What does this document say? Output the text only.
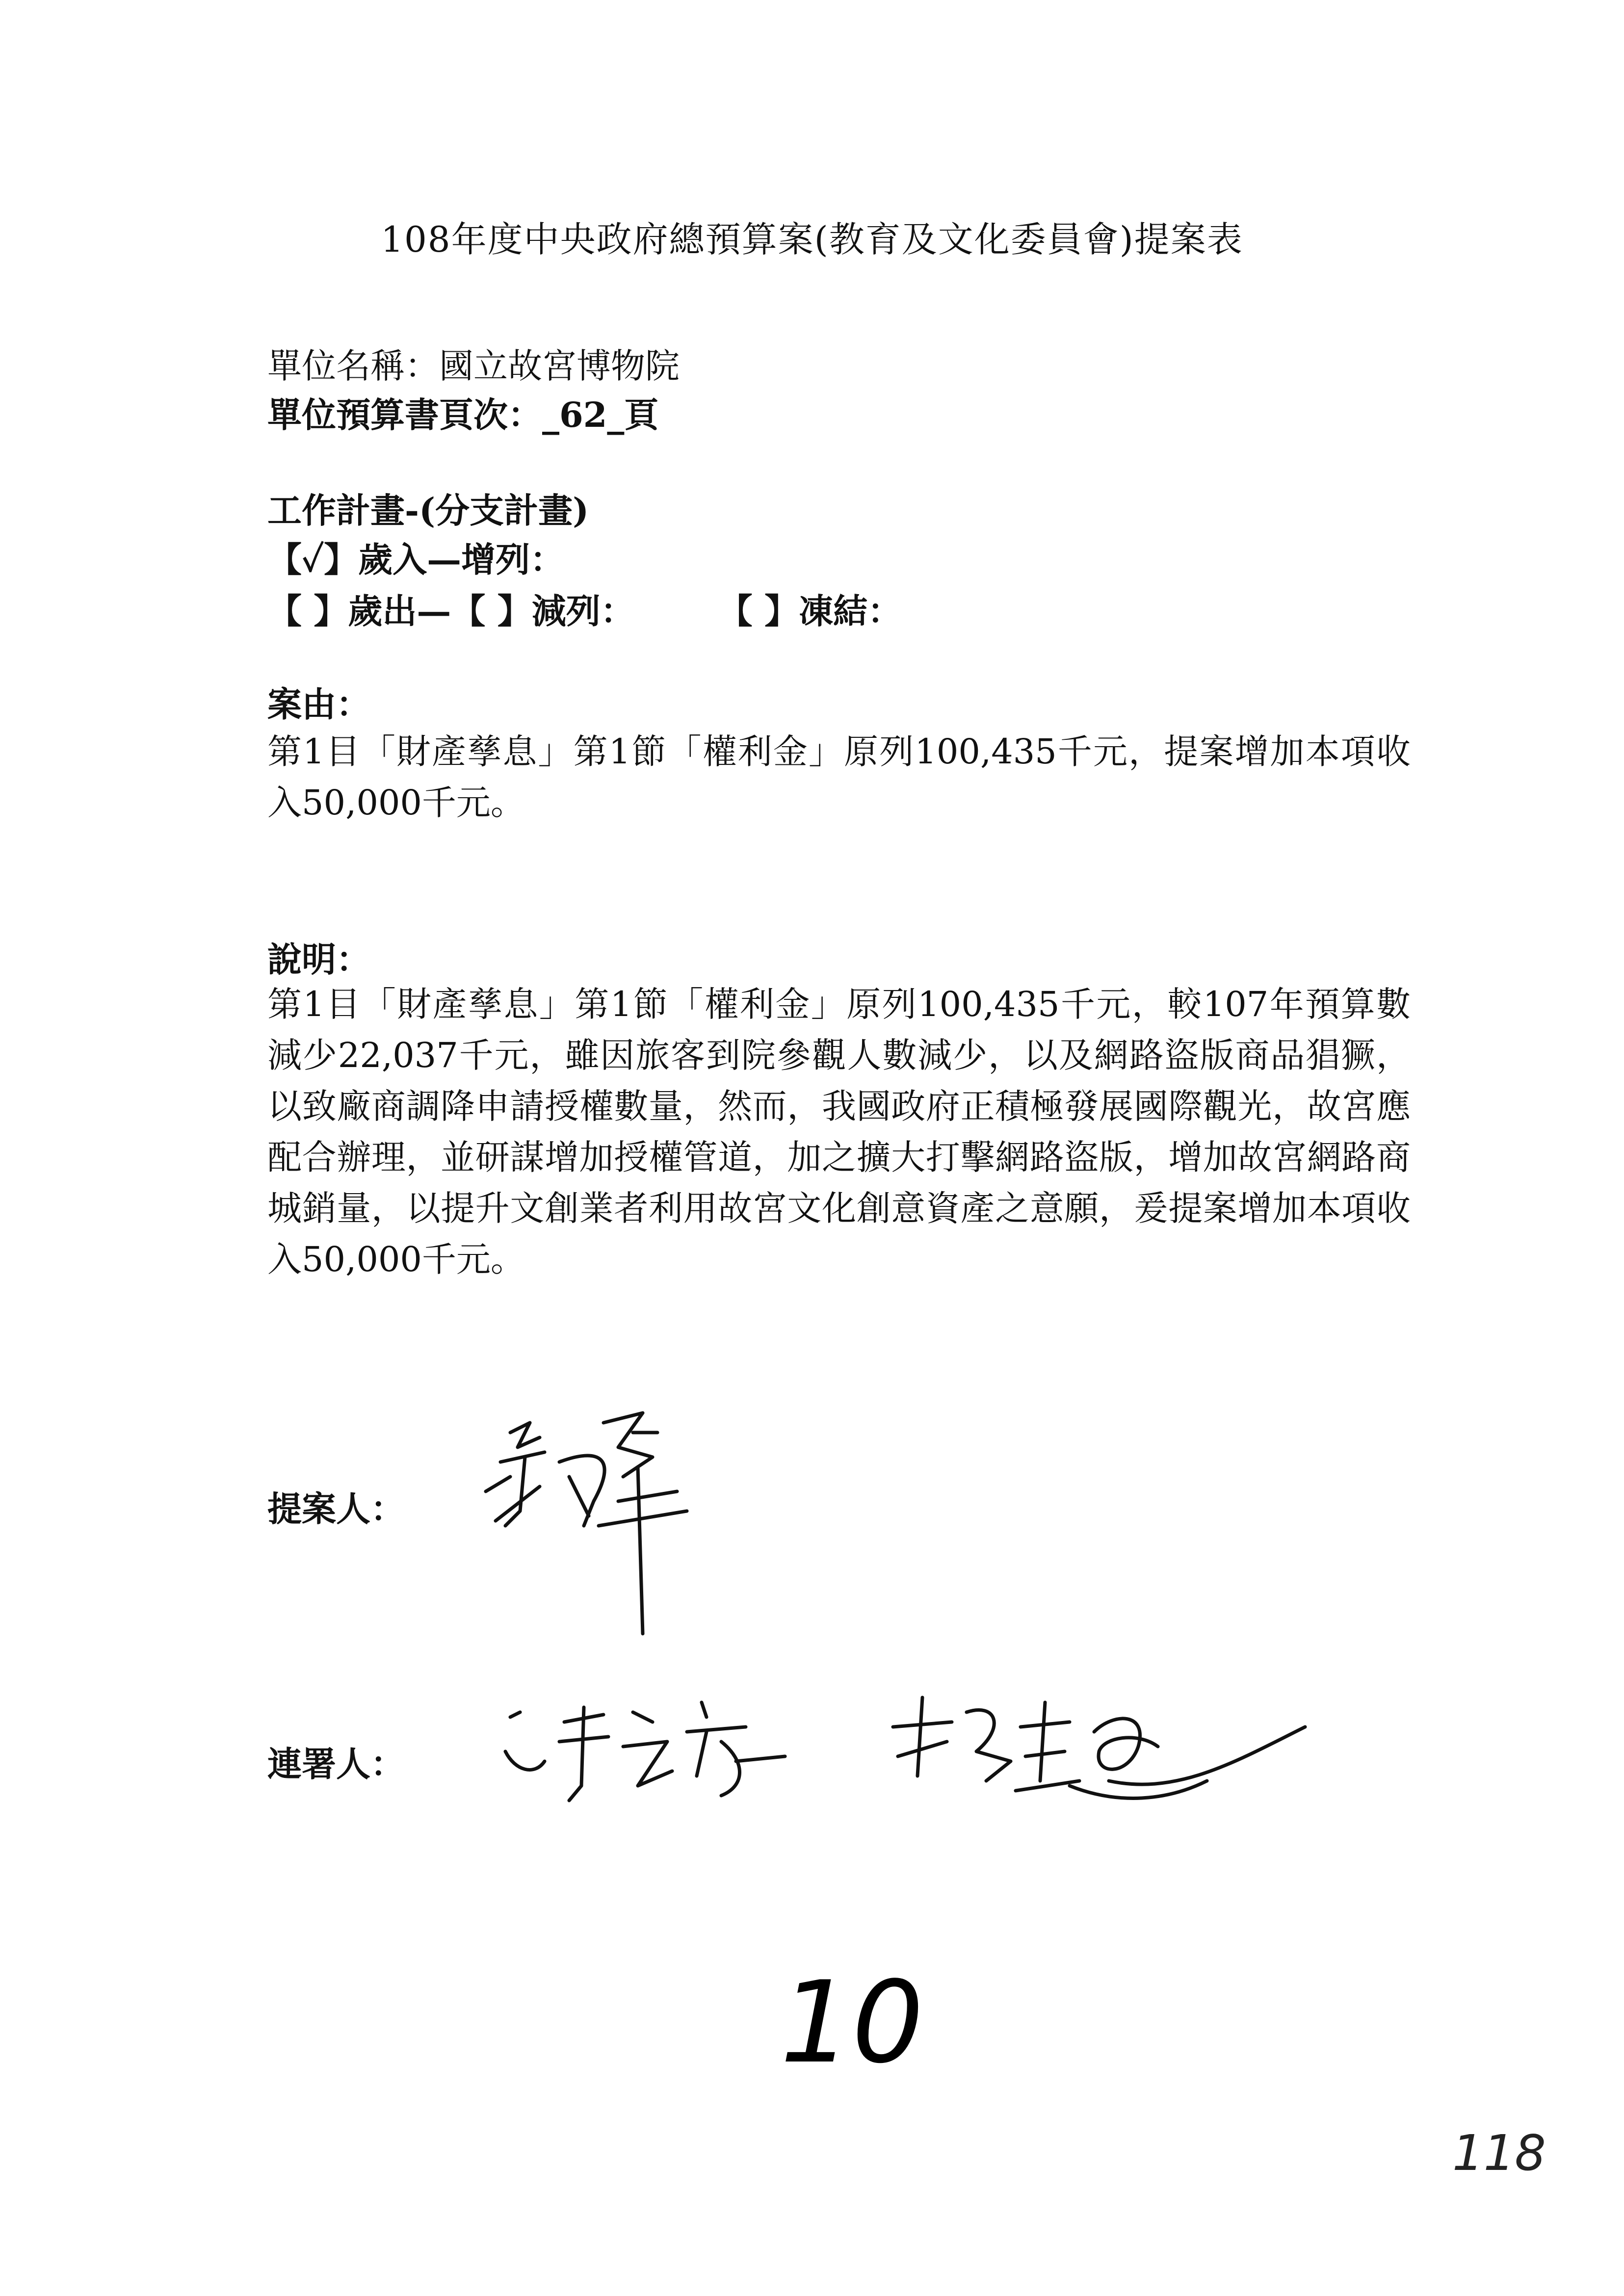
108年度中央政府總預算案(教育及文化委員會)提案表
單位名稱：國立故宮博物院
單位預算書頁次：_62_頁
工作計畫-(分支計畫)
【✓】歲入—增列：
【 】歲出—【 】減列： 【 】凍結：
案由：
第1目「財產孳息」第1節「權利金」原列100,435千元，提案增加本項收入50,000千元。
說明：
第1目「財產孳息」第1節「權利金」原列100,435千元，較107年預算數減少22,037千元，雖因旅客到院參觀人數減少，以及網路盜版商品猖獗，以致廠商調降申請授權數量，然而，我國政府正積極發展國際觀光，故宮應配合辦理，並研謀增加授權管道，加之擴大打擊網路盜版，增加故宮網路商城銷量，以提升文創業者利用故宮文化創意資產之意願，爰提案增加本項收入50,000千元。
提案人：
連署人：
10
118
